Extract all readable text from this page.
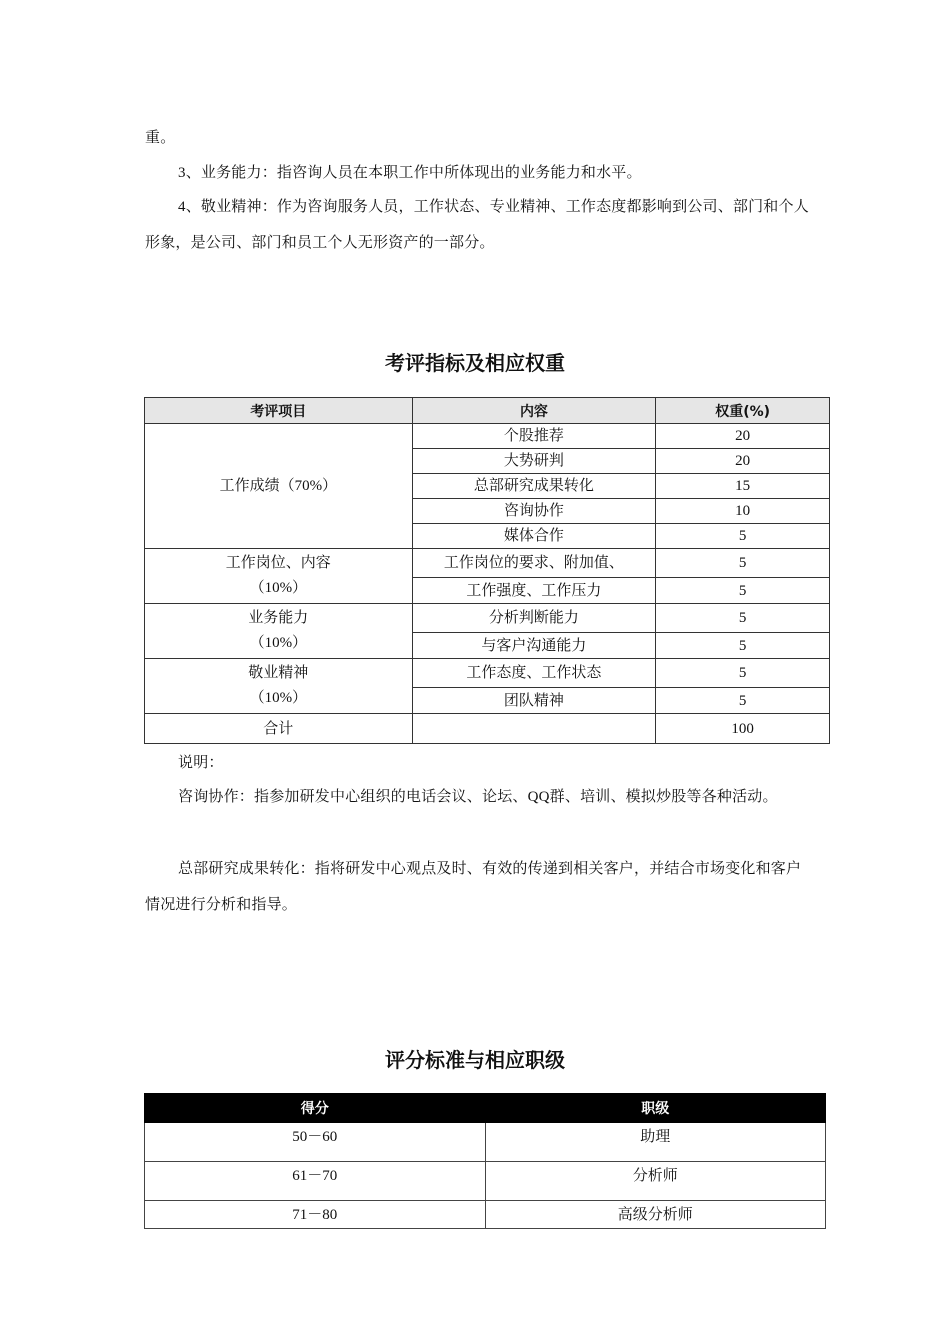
重。

3、业务能力：指咨询人员在本职工作中所体现出的业务能力和水平。

4、敬业精神：作为咨询服务人员，工作状态、专业精神、工作态度都影响到公司、部门和个人形象，是公司、部门和员工个人无形资产的一部分。

考评指标及相应权重
考评项目	内容	权重(%)
工作成绩（70%）	个股推荐	20
	大势研判	20
	总部研究成果转化	15
	咨询协作	10
	媒体合作	5

工作岗位、内容
（10%）	工作岗位的要求、附加值、	5
	工作强度、工作压力	5

业务能力
（10%）	分析判断能力	5
	与客户沟通能力	5

敬业精神
（10%）	工作态度、工作状态	5
	团队精神	5
合计		100

说明：

咨询协作：指参加研发中心组织的电话会议、论坛、QQ群、培训、模拟炒股等各种活动。

总部研究成果转化：指将研发中心观点及时、有效的传递到相关客户，并结合市场变化和客户情况进行分析和指导。

评分标准与相应职级
得分	职级
50－60	助理
61－70	分析师
71－80	高级分析师
